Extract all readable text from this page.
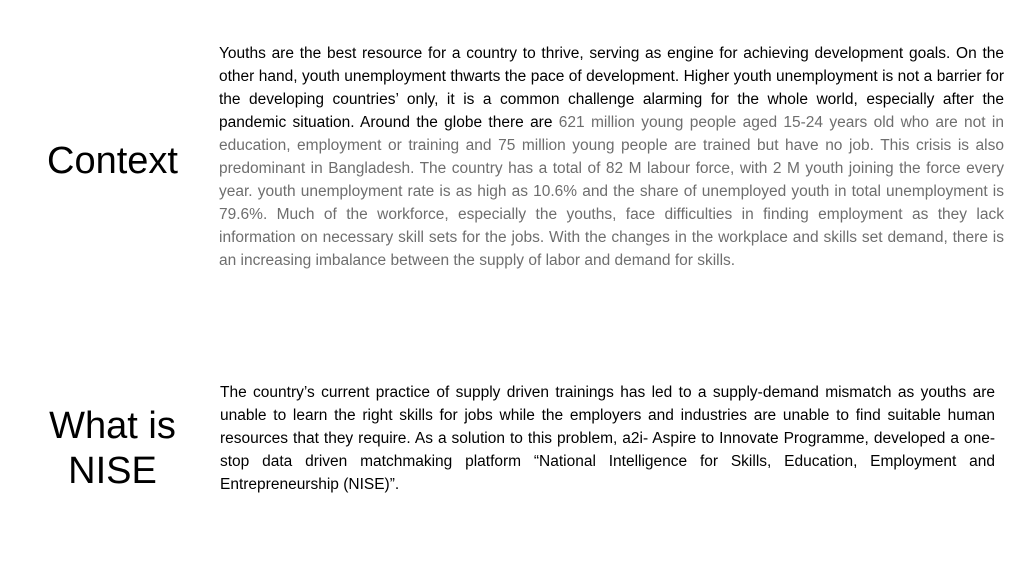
Context

Youths are the best resource for a country to thrive, serving as engine for achieving development goals. On the other hand, youth unemployment thwarts the pace of development. Higher youth unemployment is not a barrier for the developing countries’ only, it is a common challenge alarming for the whole world, especially after the pandemic situation. Around the globe there are 621 million young people aged 15-24 years old who are not in education, employment or training and 75 million young people are trained but have no job. This crisis is also predominant in Bangladesh. The country has a total of 82 M labour force, with 2 M youth joining the force every year. youth unemployment rate is as high as 10.6% and the share of unemployed youth in total unemployment is 79.6%. Much of the workforce, especially the youths, face difficulties in finding employment as they lack information on necessary skill sets for the jobs. With the changes in the workplace and skills set demand, there is an increasing imbalance between the supply of labor and demand for skills.

What is
NISE

The country’s current practice of supply driven trainings has led to a supply-demand mismatch as youths are unable to learn the right skills for jobs while the employers and industries are unable to find suitable human resources that they require. As a solution to this problem, a2i- Aspire to Innovate Programme, developed a one-stop data driven matchmaking platform “National Intelligence for Skills, Education, Employment and Entrepreneurship (NISE)”.
